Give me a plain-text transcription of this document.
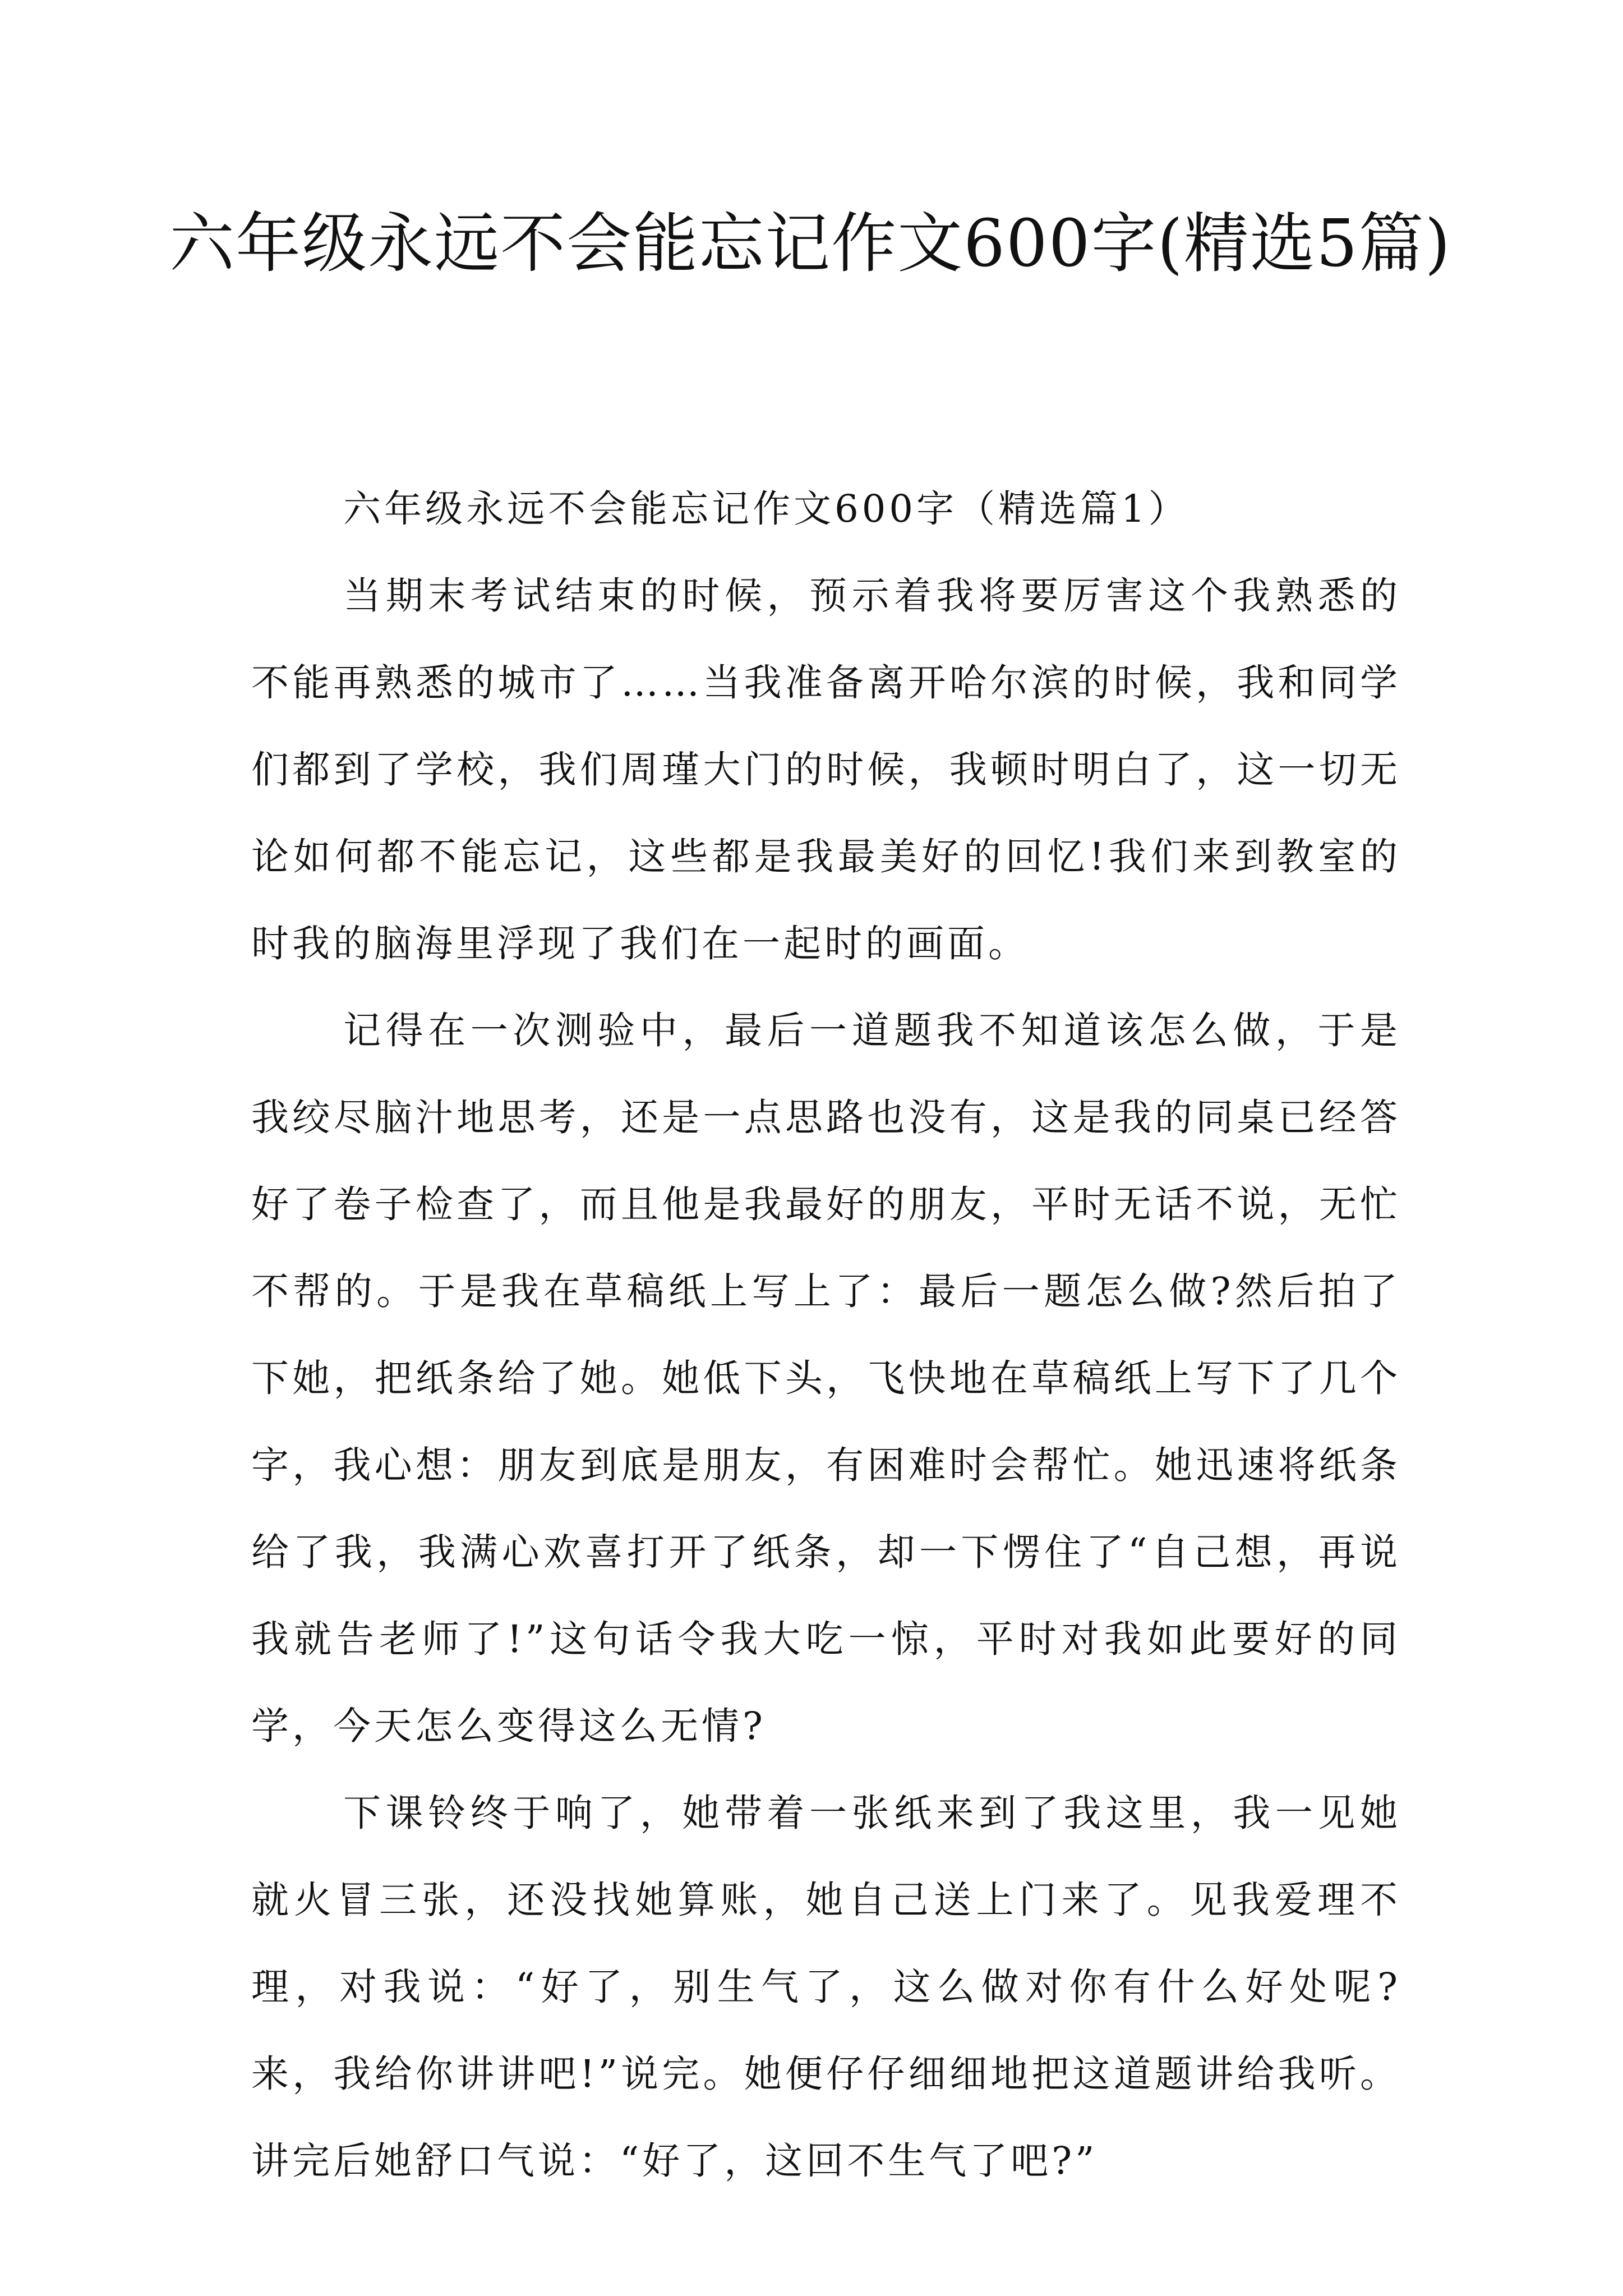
六年级永远不会能忘记作文600字(精选5篇)

六年级永远不会能忘记作文600字（精选篇1）

当期末考试结束的时候，预示着我将要厉害这个我熟悉的不能再熟悉的城市了……当我准备离开哈尔滨的时候，我和同学们都到了学校，我们周瑾大门的时候，我顿时明白了，这一切无论如何都不能忘记，这些都是我最美好的回忆!我们来到教室的时我的脑海里浮现了我们在一起时的画面。

记得在一次测验中，最后一道题我不知道该怎么做，于是我绞尽脑汁地思考，还是一点思路也没有，这是我的同桌已经答好了卷子检查了，而且他是我最好的朋友，平时无话不说，无忙不帮的。于是我在草稿纸上写上了：最后一题怎么做?然后拍了下她，把纸条给了她。她低下头，飞快地在草稿纸上写下了几个字，我心想：朋友到底是朋友，有困难时会帮忙。她迅速将纸条给了我，我满心欢喜打开了纸条，却一下愣住了“自己想，再说我就告老师了!”这句话令我大吃一惊，平时对我如此要好的同学，今天怎么变得这么无情?

下课铃终于响了，她带着一张纸来到了我这里，我一见她就火冒三张，还没找她算账，她自己送上门来了。见我爱理不理，对我说：“好了，别生气了，这么做对你有什么好处呢?来，我给你讲讲吧!”说完。她便仔仔细细地把这道题讲给我听。讲完后她舒口气说：“好了，这回不生气了吧?”
